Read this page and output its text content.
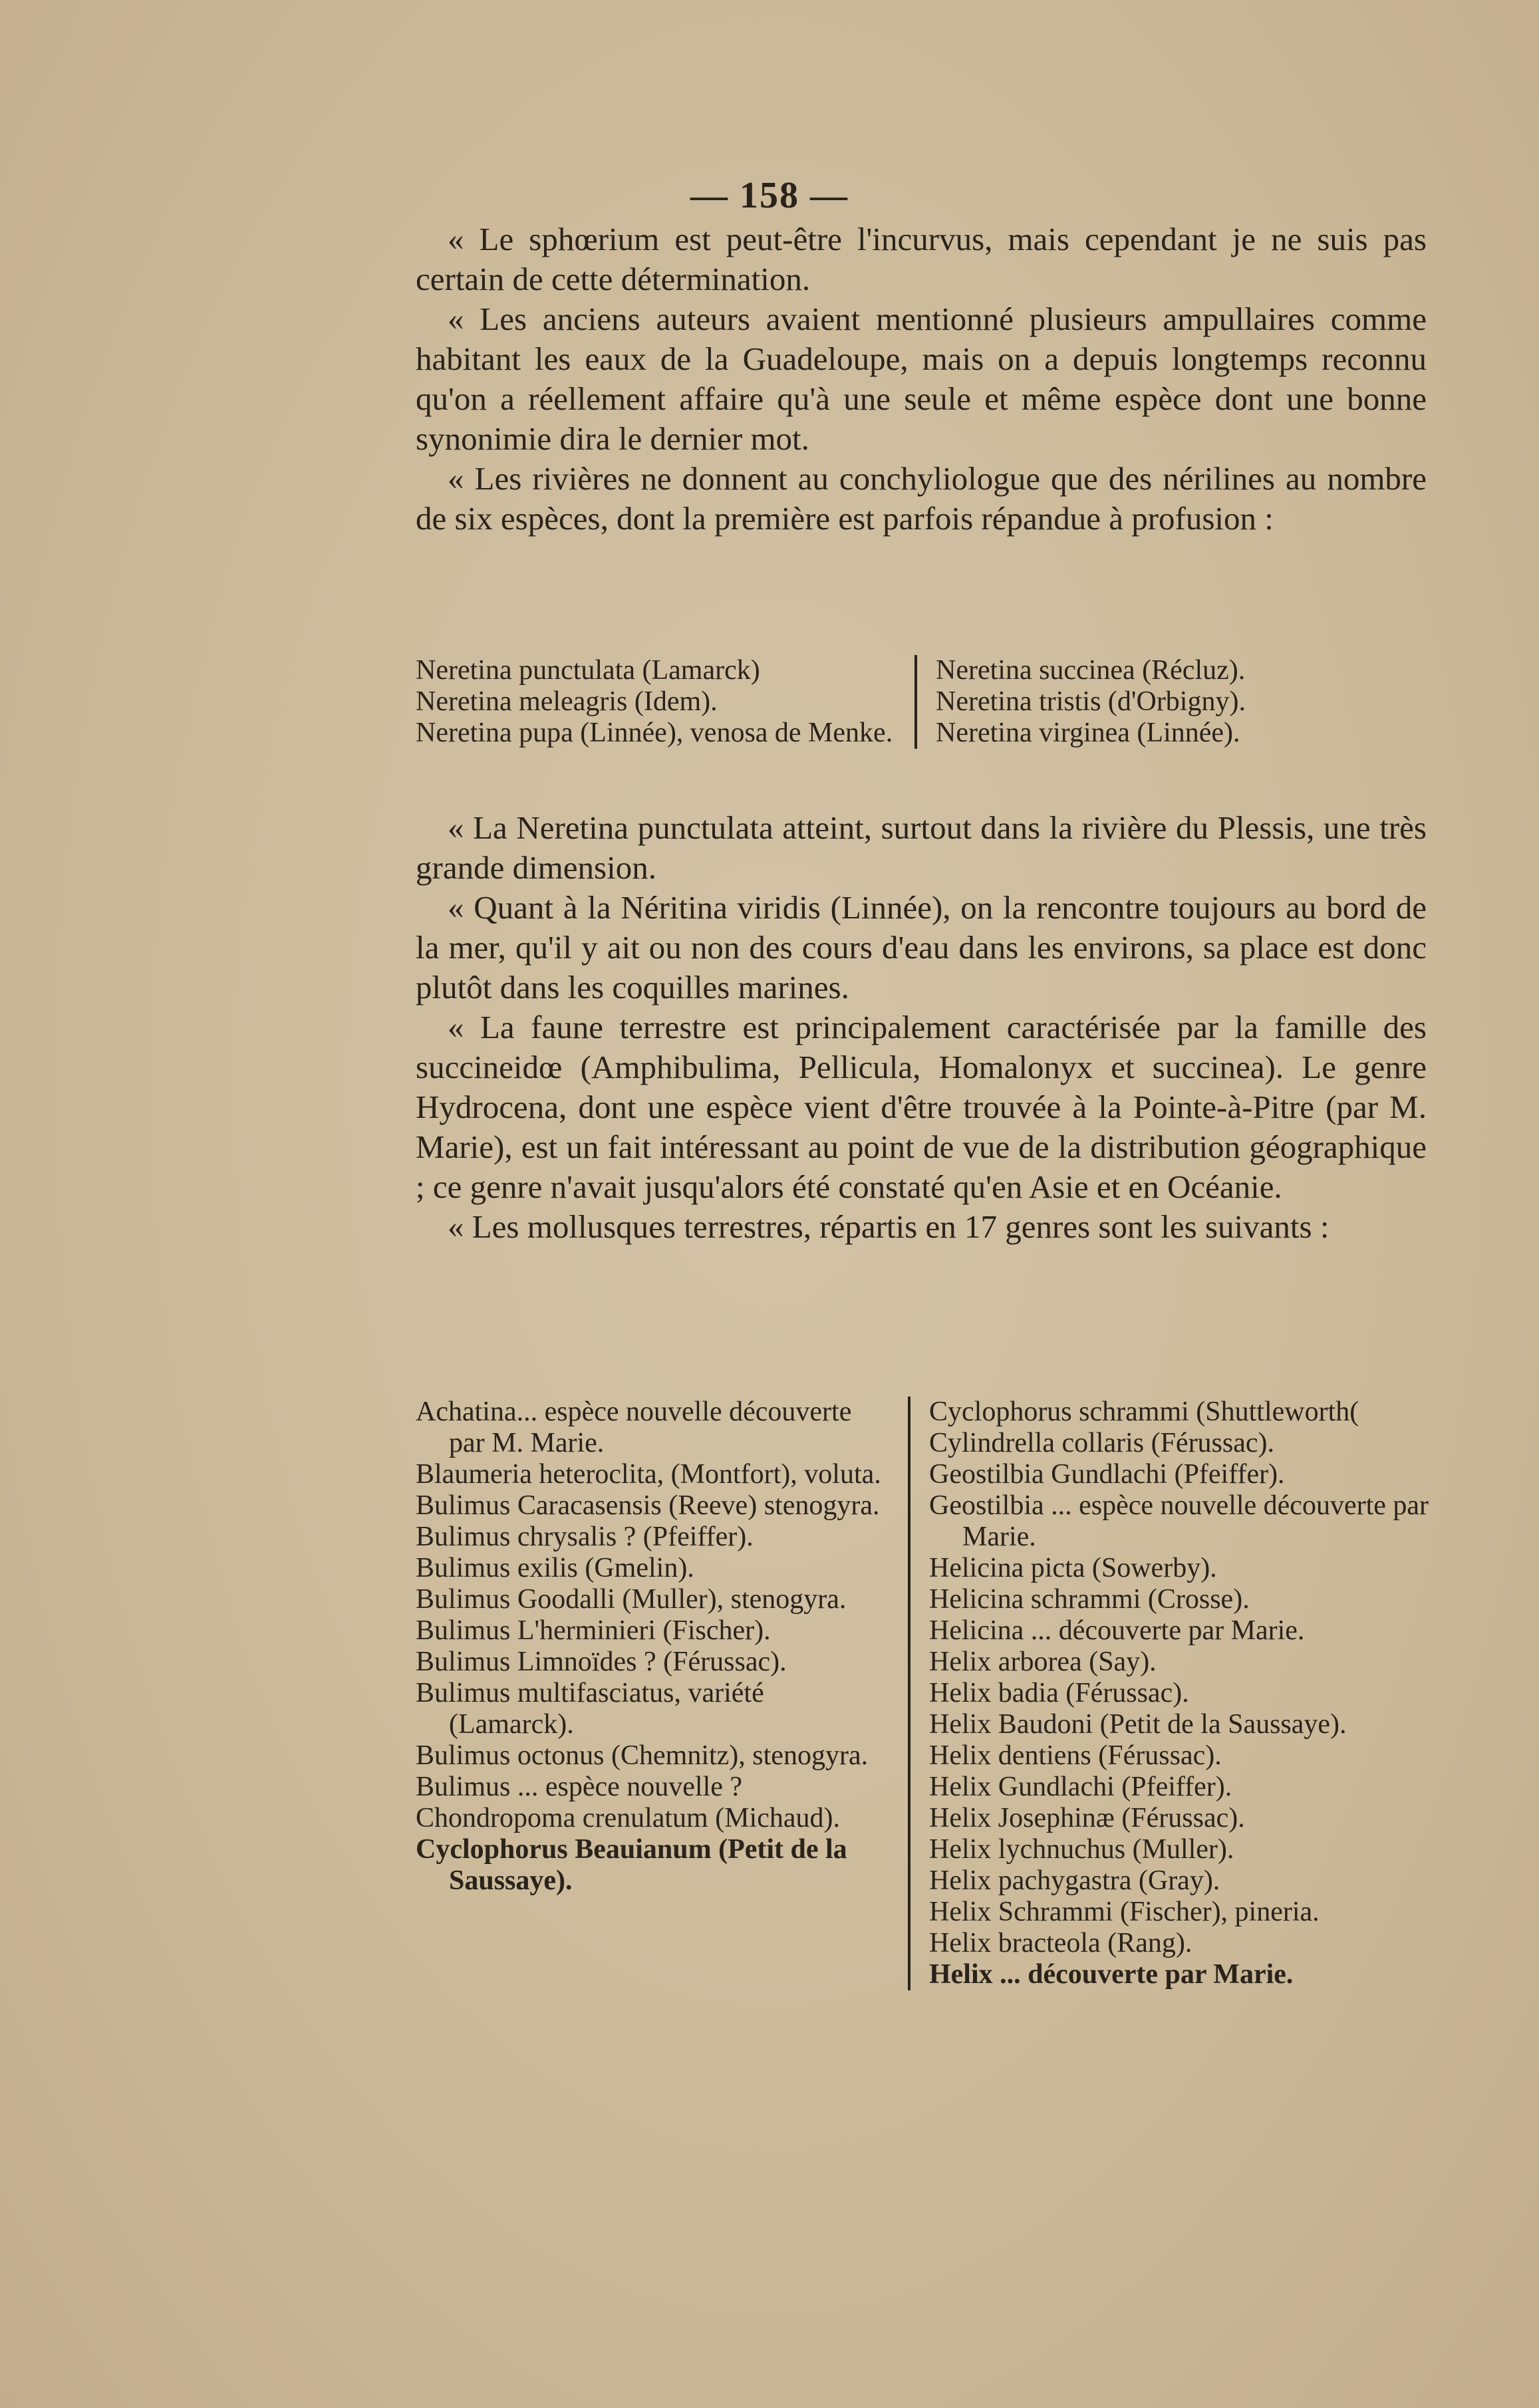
— 158 —

« Le sphœrium est peut-être l'incurvus, mais cependant je ne suis pas certain de cette détermination.

« Les anciens auteurs avaient mentionné plusieurs ampullaires comme habitant les eaux de la Guadeloupe, mais on a depuis longtemps reconnu qu'on a réellement affaire qu'à une seule et même espèce dont une bonne synonimie dira le dernier mot.

« Les rivières ne donnent au conchyliologue que des nérilines au nombre de six espèces, dont la première est parfois répandue à profusion :

Neretina punctulata (Lamarck)
Neretina meleagris (Idem).
Neretina pupa (Linnée), venosa de Menke.
Neretina succinea (Récluz).
Neretina tristis (d'Orbigny).
Neretina virginea (Linnée).

« La Neretina punctulata atteint, surtout dans la rivière du Plessis, une très grande dimension.

« Quant à la Néritina viridis (Linnée), on la rencontre toujours au bord de la mer, qu'il y ait ou non des cours d'eau dans les environs, sa place est donc plutôt dans les coquilles marines.

« La faune terrestre est principalement caractérisée par la famille des succineidœ (Amphibulima, Pellicula, Homalonyx et succinea). Le genre Hydrocena, dont une espèce vient d'être trouvée à la Pointe-à-Pitre (par M. Marie), est un fait intéressant au point de vue de la distribution géographique ; ce genre n'avait jusqu'alors été constaté qu'en Asie et en Océanie.

« Les mollusques terrestres, répartis en 17 genres sont les suivants :

Achatina... espèce nouvelle découverte par M. Marie.
Blaumeria heteroclita, (Montfort), voluta.
Bulimus Caracasensis (Reeve) stenogyra.
Bulimus chrysalis ? (Pfeiffer).
Bulimus exilis (Gmelin).
Bulimus Goodalli (Muller), stenogyra.
Bulimus L'herminieri (Fischer).
Bulimus Limnoïdes ? (Férussac).
Bulimus multifasciatus, variété (Lamarck).
Bulimus octonus (Chemnitz), stenogyra.
Bulimus ... espèce nouvelle ?
Chondropoma crenulatum (Michaud).
Cyclophorus Beauianum (Petit de la Saussaye).
Cyclophorus schrammi (Shuttleworth(
Cylindrella collaris (Férussac).
Geostilbia Gundlachi (Pfeiffer).
Geostilbia ... espèce nouvelle découverte par Marie.
Helicina picta (Sowerby).
Helicina schrammi (Crosse).
Helicina ... découverte par Marie.
Helix arborea (Say).
Helix badia (Férussac).
Helix Baudoni (Petit de la Saussaye).
Helix dentiens (Férussac).
Helix Gundlachi (Pfeiffer).
Helix Josephinæ (Férussac).
Helix lychnuchus (Muller).
Helix pachygastra (Gray).
Helix Schrammi (Fischer), pineria.
Helix bracteola (Rang).
Helix ... découverte par Marie.
